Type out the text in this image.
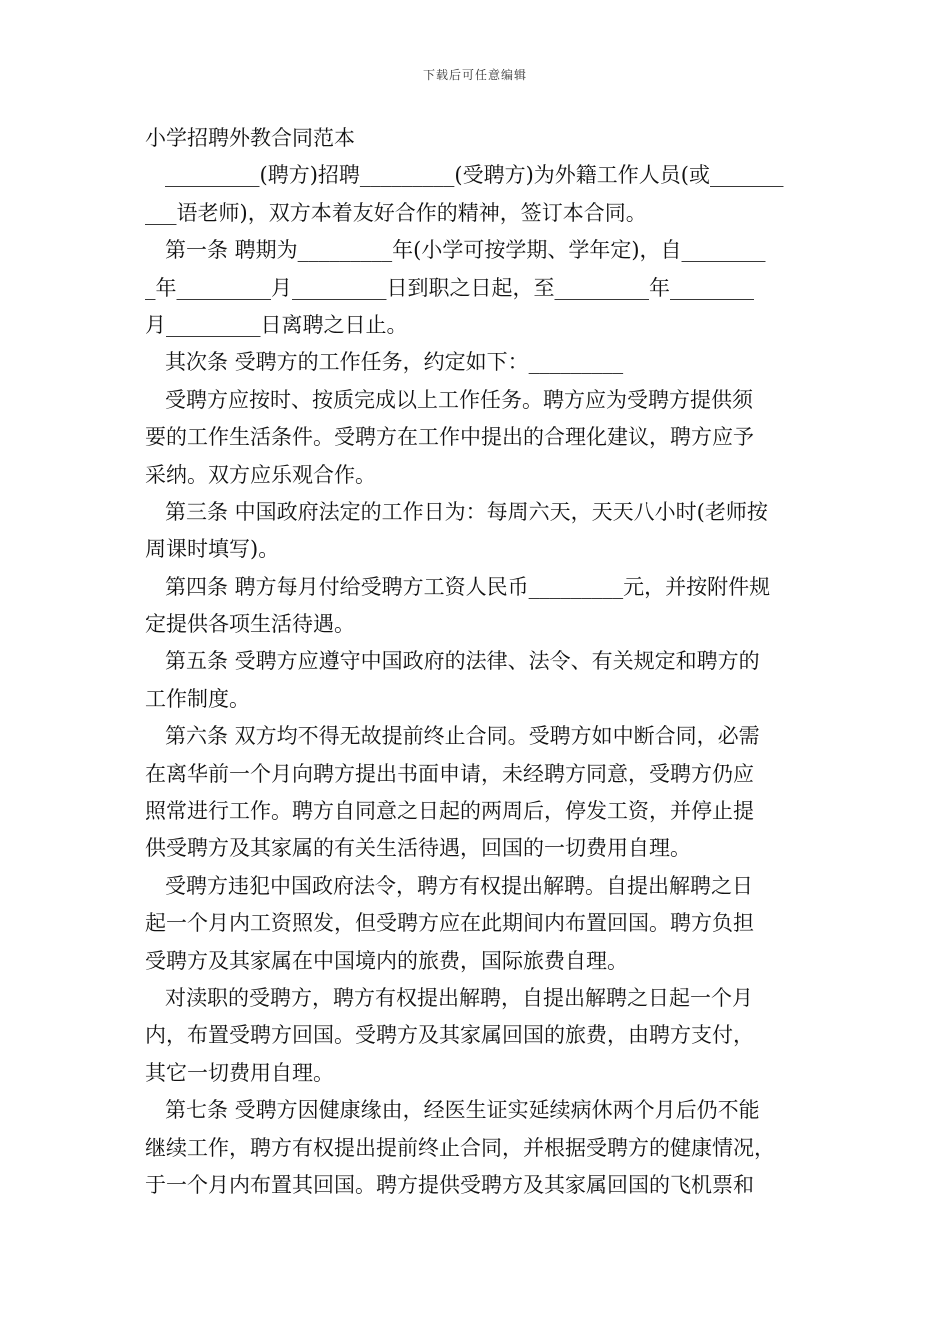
下载后可任意编辑
小学招聘外教合同范本
_________(聘方)招聘_________(受聘方)为外籍工作人员(或_______
___语老师)，双方本着友好合作的精神，签订本合同。
第一条 聘期为_________年(小学可按学期、学年定)，自________
_年_________月_________日到职之日起，至_________年________
月_________日离聘之日止。
其次条 受聘方的工作任务，约定如下：_________
受聘方应按时、按质完成以上工作任务。聘方应为受聘方提供须
要的工作生活条件。受聘方在工作中提出的合理化建议，聘方应予
采纳。双方应乐观合作。
第三条 中国政府法定的工作日为：每周六天，天天八小时(老师按
周课时填写)。
第四条 聘方每月付给受聘方工资人民币_________元，并按附件规
定提供各项生活待遇。
第五条 受聘方应遵守中国政府的法律、法令、有关规定和聘方的
工作制度。
第六条 双方均不得无故提前终止合同。受聘方如中断合同，必需
在离华前一个月向聘方提出书面申请，未经聘方同意，受聘方仍应
照常进行工作。聘方自同意之日起的两周后，停发工资，并停止提
供受聘方及其家属的有关生活待遇，回国的一切费用自理。
受聘方违犯中国政府法令，聘方有权提出解聘。自提出解聘之日
起一个月内工资照发，但受聘方应在此期间内布置回国。聘方负担
受聘方及其家属在中国境内的旅费，国际旅费自理。
对渎职的受聘方，聘方有权提出解聘，自提出解聘之日起一个月
内，布置受聘方回国。受聘方及其家属回国的旅费，由聘方支付，
其它一切费用自理。
第七条 受聘方因健康缘由，经医生证实延续病休两个月后仍不能
继续工作，聘方有权提出提前终止合同，并根据受聘方的健康情况，
于一个月内布置其回国。聘方提供受聘方及其家属回国的飞机票和
